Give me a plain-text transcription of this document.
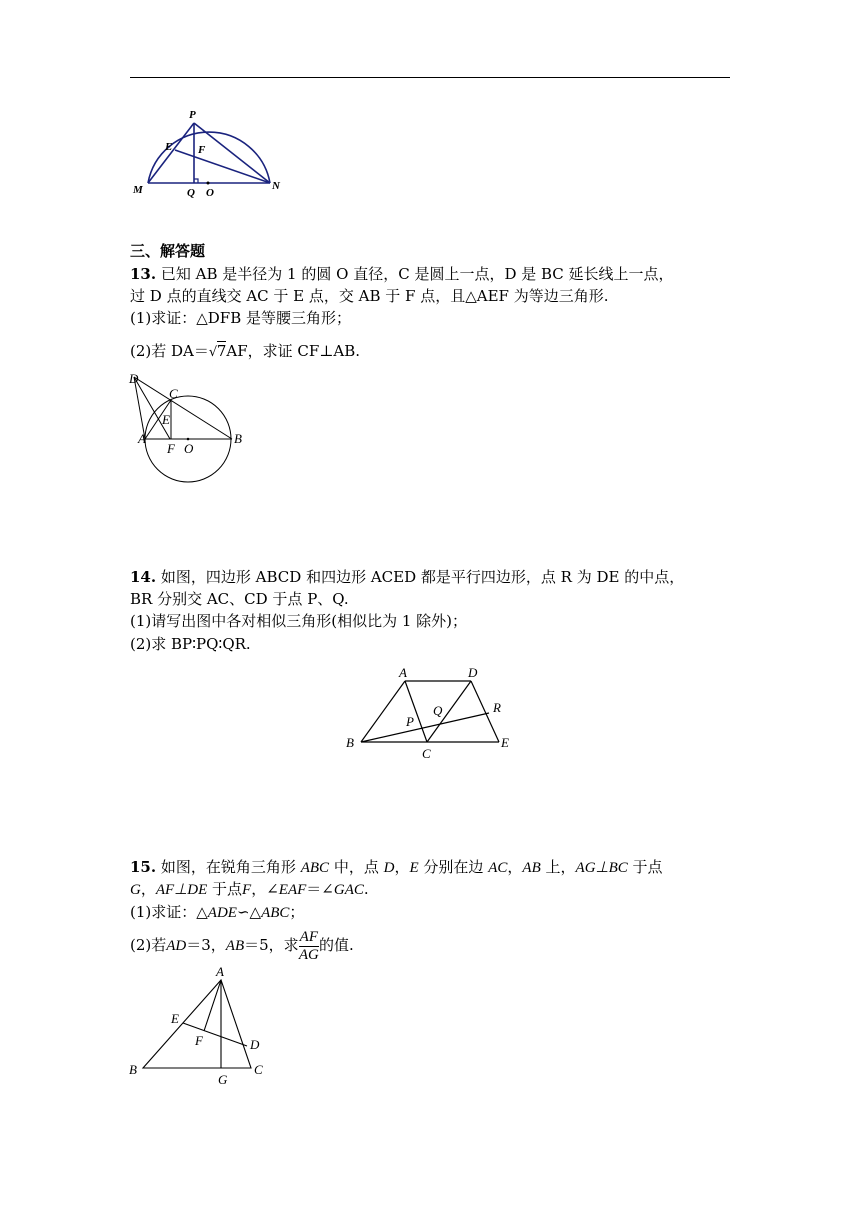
P
E F
M	Q O
N
三、解答题
13. 已知 AB 是半径为 1 的圆 O 直径，C 是圆上一点，D 是 BC 延长线上一点，
过 D 点的直线交 AC 于 E 点，交 AB 于 F 点，且△AEF 为等边三角形.
(1)求证：△DFB 是等腰三角形；
(2)若 DA＝ √ 7AF，求证 CF⊥AB.
D
C
E
A
F O
B
14. 如图，四边形 ABCD 和四边形 ACED 都是平行四边形，点 R 为 DE 的中点，
BR 分别交 AC、CD 于点 P、Q.
(1)请写出图中各对相似三角形(相似比为 1 除外)；
(2)求 BP∶PQ∶QR.
A	D
P
Q	R
B
C
E
15. 如图，在锐角三角形 ABC 中，点 D，E 分别在边 AC，AB 上，AG⊥BC 于点
G，AF⊥DE 于点F，∠EAF＝∠GAC.
(1)求证：△ADE∽△ABC；
(2)若AD＝3，AB＝5，求 $\frac{AF}{AG}$ 的值.
A
E
F	D
B
G
C
